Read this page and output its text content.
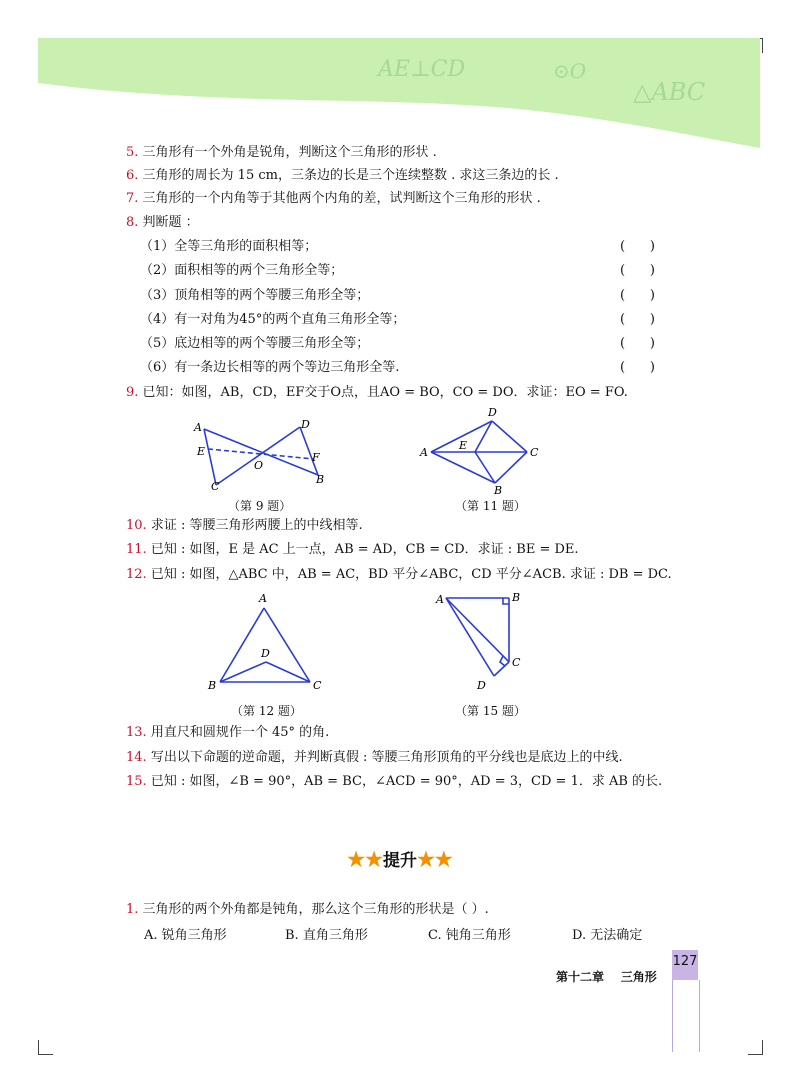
AE⊥CD	⊙O
△ABC
5. 三角形有一个外角是锐角，判断这个三角形的形状 .
6. 三角形的周长为 15 cm，三条边的长是三个连续整数 . 求这三条边的长 .
7. 三角形的一个内角等于其他两个内角的差，试判断这个三角形的形状 .
8. 判断题 ：
（1）全等三角形的面积相等；	(      )
（2）面积相等的两个三角形全等；	(      )
（3）顶角相等的两个等腰三角形全等；	(      )
（4）有一对角为45°的两个直角三角形全等；	(      )
（5）底边相等的两个等腰三角形全等；	(      )
（6）有一条边长相等的两个等边三角形全等.	(      )
9. 已知：如图，AB，CD，EF交于O点，且AO = BO，CO = DO．求证：EO = FO.
A	D
E	F
O
C
B
（第 9 题）
A
D
E
C
B
（第 11 题）
10. 求证 : 等腰三角形两腰上的中线相等.
11. 已知 : 如图，E 是 AC 上一点，AB = AD，CB = CD．求证 : BE = DE.
12. 已知 : 如图，△ABC 中，AB = AC，BD 平分∠ABC，CD 平分∠ACB. 求证 : DB = DC.
A
D
B	C
（第 12 题）
A	B
C
D
（第 15 题）
13. 用直尺和圆规作一个 45° 的角.
14. 写出以下命题的逆命题，并判断真假 : 等腰三角形顶角的平分线也是底边上的中线.
15. 已知 : 如图，∠B = 90°，AB = BC，∠ACD = 90°，AD = 3，CD = 1．求 AB 的长.
★★提升★★
1. 三角形的两个外角都是钝角，那么这个三角形的形状是（ ）.
A. 锐角三角形	B. 直角三角形	C. 钝角三角形	D. 无法确定
127
第十二章    三角形
